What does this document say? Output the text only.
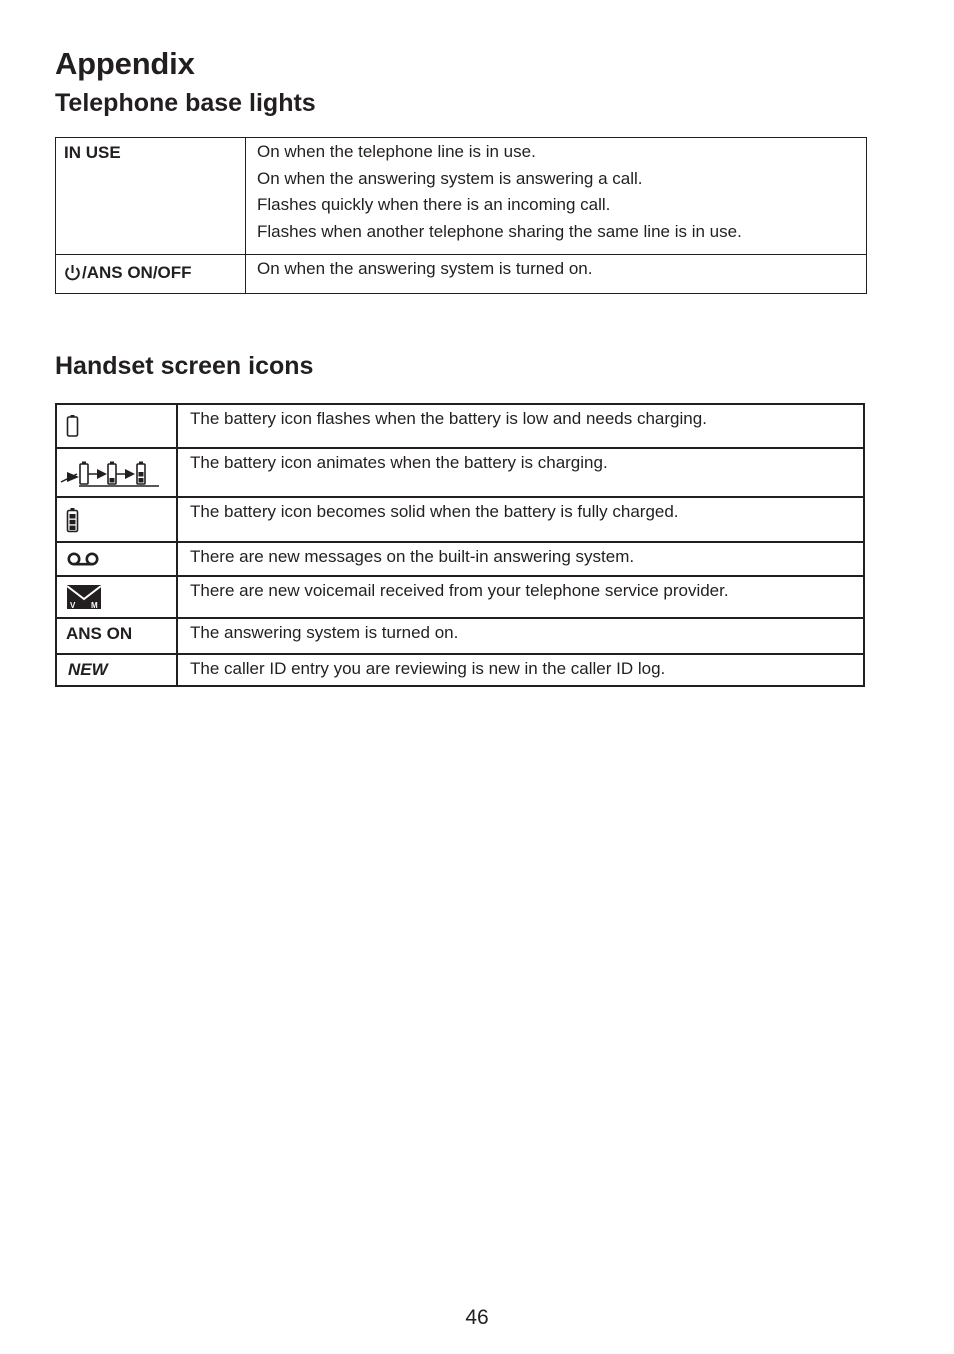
Appendix
Telephone base lights
IN USE	On when the telephone line is in use.
On when the answering system is answering a call.
Flashes quickly when there is an incoming call.
Flashes when another telephone sharing the same line is in use.

/ANS ON/OFF	On when the answering system is turned on.
Handset screen icons
	The battery icon flashes when the battery is low and needs charging.

	The battery icon animates when the battery is charging.

	The battery icon becomes solid when the battery is fully charged.

	There are new messages on the built-in answering system.

V M	There are new voicemail received from your telephone service provider.
ANS ON	The answering system is turned on.
NEW	The caller ID entry you are reviewing is new in the caller ID log.
46
